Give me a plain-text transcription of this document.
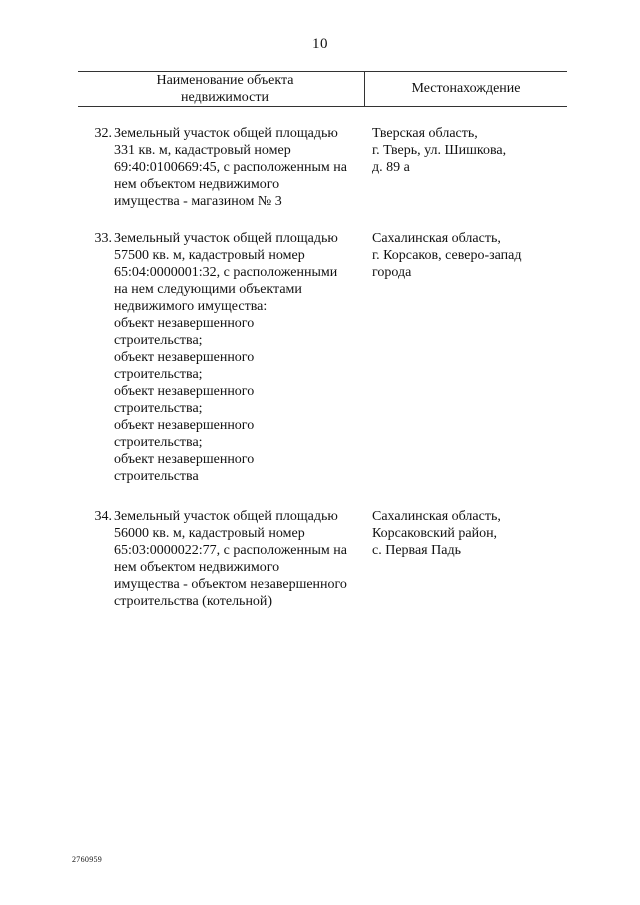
10
Наименование объекта
недвижимости
Местонахождение
32. Земельный участок общей площадью
331 кв. м, кадастровый номер
69:40:0100669:45, с расположенным на
нем объектом недвижимого
имущества - магазином № 3
Тверская область,
г. Тверь, ул. Шишкова,
д. 89 а
33. Земельный участок общей площадью
57500 кв. м, кадастровый номер
65:04:0000001:32, с расположенными
на нем следующими объектами
недвижимого имущества:
объект незавершенного
строительства;
объект незавершенного
строительства;
объект незавершенного
строительства;
объект незавершенного
строительства;
объект незавершенного
строительства
Сахалинская область,
г. Корсаков, северо-запад
города
34. Земельный участок общей площадью
56000 кв. м, кадастровый номер
65:03:0000022:77, с расположенным на
нем объектом недвижимого
имущества - объектом незавершенного
строительства (котельной)
Сахалинская область,
Корсаковский район,
с. Первая Падь
2760959
